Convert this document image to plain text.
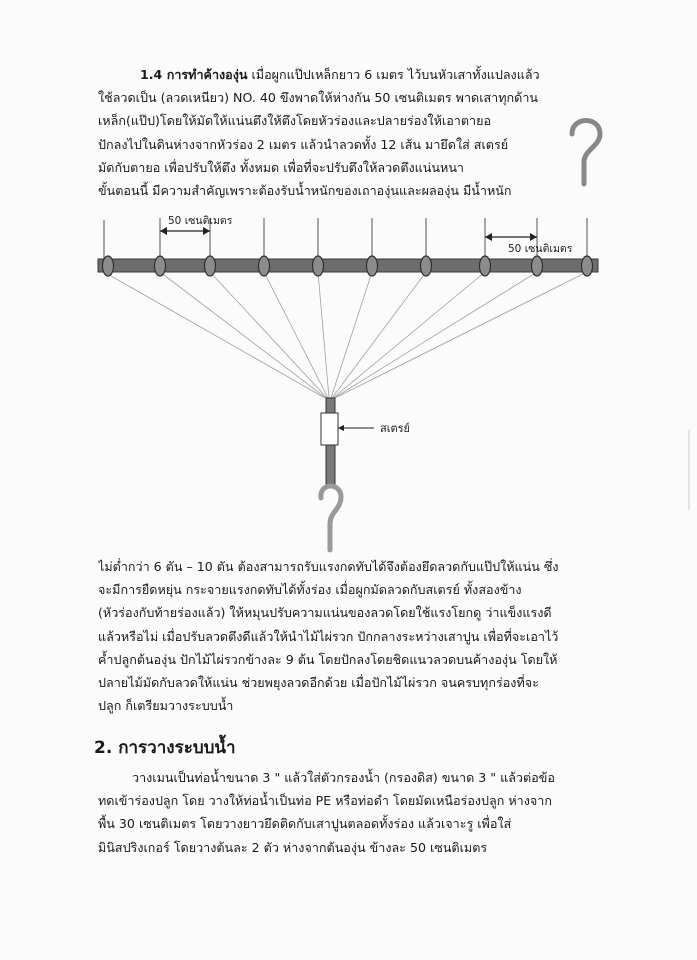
1.4 การทำค้างองุ่น เมื่อผูกแป๊ปเหล็กยาว 6 เมตร ไว้บนหัวเสาทั้งแปลงแล้ว
ใช้ลวดเป็น (ลวดเหนียว) NO. 40 ขึงพาดให้ห่างกัน 50 เซนติเมตร พาดเสาทุกด้าน
เหล็ก(แป๊ป)โดยให้มัดให้แน่นตึงให้ตึงโดยหัวร่องและปลายร่องให้เอาตายอ
ปักลงไปในดินห่างจากหัวร่อง 2 เมตร แล้วนำลวดทั้ง 12 เส้น มายึดใส่ สเตรย์
มัดกับตายอ เพื่อปรับให้ตึง ทั้งหมด เพื่อที่จะปรับตึงให้ลวดตึงแน่นหนา
ขั้นตอนนี้ มีความสำคัญเพราะต้องรับน้ำหนักของเถาองุ่นและผลองุ่น มีน้ำหนัก

50 เซนติเมตร
50 เซนติเมตร
สเตรย์

ไม่ต่ำกว่า 6 ตัน – 10 ตัน ต้องสามารถรับแรงกดทับได้จึงต้องยึดลวดกับแป๊ปให้แน่น ซึ่ง
จะมีการยืดหยุ่น กระจายแรงกดทับได้ทั้งร่อง เมื่อผูกมัดลวดกับสเตรย์ ทั้งสองข้าง
(หัวร่องกับท้ายร่องแล้ว) ให้หมุนปรับความแน่นของลวดโดยใช้แรงโยกดู ว่าแข็งแรงดี
แล้วหรือไม่ เมื่อปรับลวดตึงดีแล้วให้นำไม้ไผ่รวก ปักกลางระหว่างเสาปูน เพื่อที่จะเอาไว้
ค้ำปลูกต้นองุ่น ปักไม้ไผ่รวกข้างละ 9 ต้น โดยปักลงโดยชิดแนวลวดบนค้างองุ่น โดยให้
ปลายไม้มัดกับลวดให้แน่น ช่วยพยุงลวดอีกด้วย เมื่อปักไม้ไผ่รวก จนครบทุกร่องที่จะ
ปลูก ก็เตรียมวางระบบน้ำ

2. การวางระบบน้ำ

วางเมนเป็นท่อน้ำขนาด 3 " แล้วใส่ตัวกรองน้ำ (กรองดิส) ขนาด 3 " แล้วต่อข้อ
ทดเข้าร่องปลูก โดย วางให้ท่อน้ำเป็นท่อ PE หรือท่อดำ โดยมัดเหนือร่องปลูก ห่างจาก
พื้น 30 เซนติเมตร โดยวางยาวยึดติดกับเสาปูนตลอดทั้งร่อง แล้วเจาะรู เพื่อใส่
มินิสปริงเกอร์ โดยวางต้นละ 2 ตัว ห่างจากต้นองุ่น ข้างละ 50 เซนติเมตร
